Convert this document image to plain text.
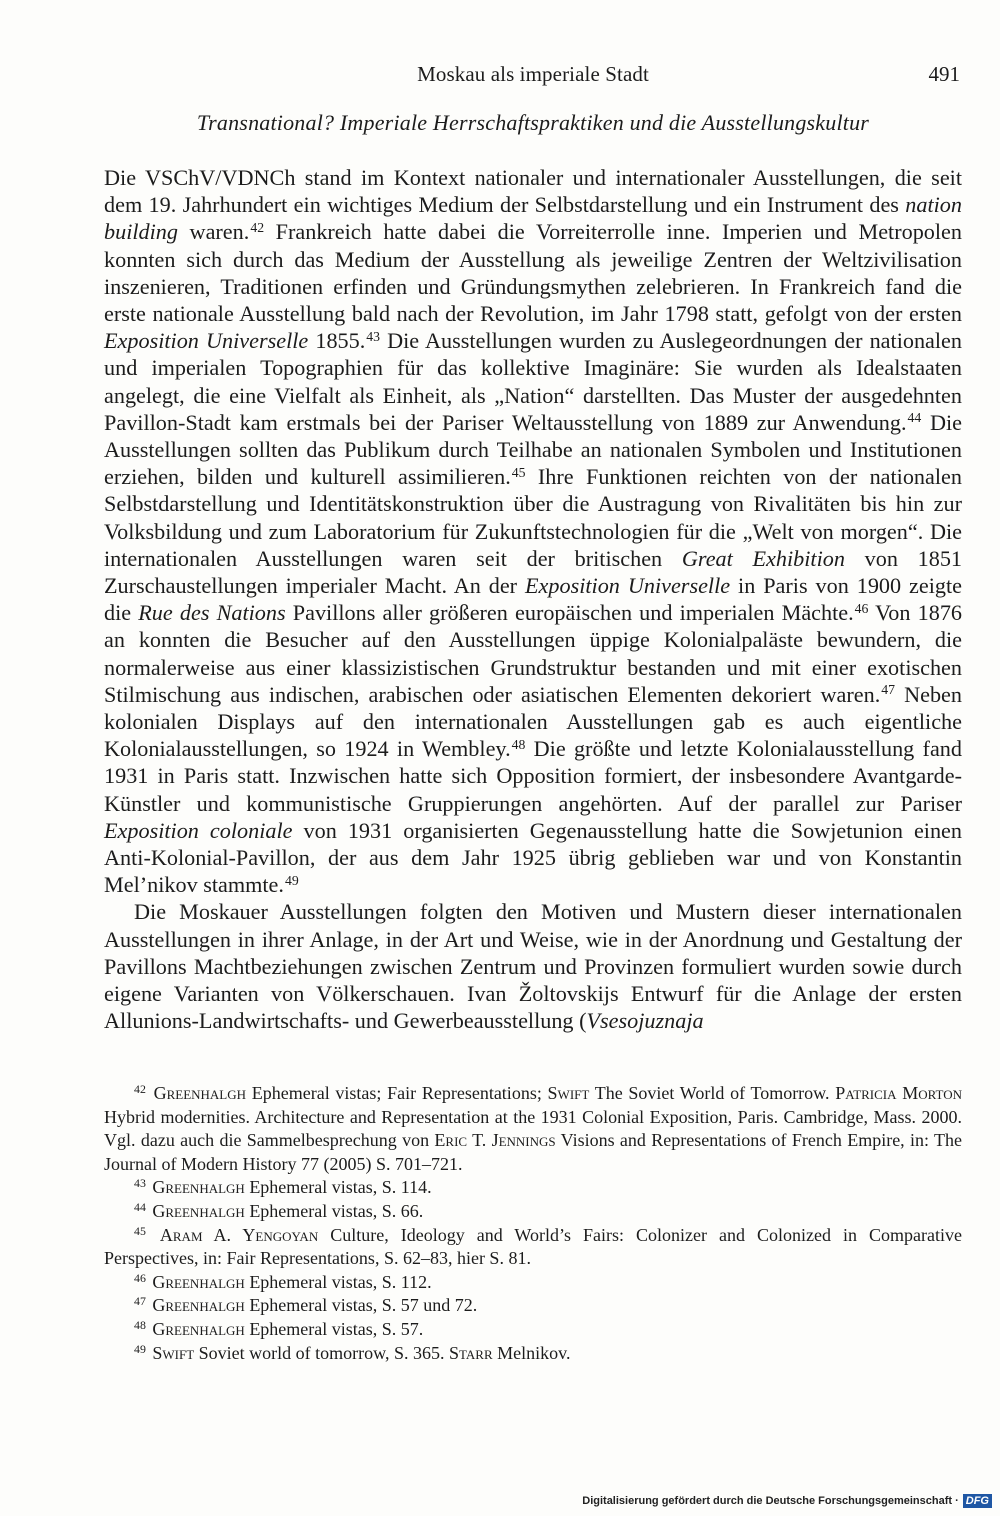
Moskau als imperiale Stadt	491
Transnational? Imperiale Herrschaftspraktiken und die Ausstellungskultur

Die VSChV/VDNCh stand im Kontext nationaler und internationaler Ausstellungen, die seit dem 19. Jahrhundert ein wichtiges Medium der Selbstdarstellung und ein Instrument des nation building waren.$^{42}$ Frankreich hatte dabei die Vorreiterrolle inne. Imperien und Metropolen konnten sich durch das Medium der Ausstellung als jeweilige Zentren der Weltzivilisation inszenieren, Traditionen erfinden und Gründungsmythen zelebrieren. In Frankreich fand die erste nationale Ausstellung bald nach der Revolution, im Jahr 1798 statt, gefolgt von der ersten Exposition Universelle 1855.43 Die Ausstellungen wurden zu Auslegeordnungen der nationalen und imperialen Topographien für das kollektive Imaginäre: Sie wurden als Idealstaaten angelegt, die eine Vielfalt als Einheit, als „Nation“ darstellten. Das Muster der ausgedehnten Pavillon-Stadt kam erstmals bei der Pariser Weltausstellung von 1889 zur Anwendung.$^{44}$ Die Ausstellungen sollten das Publikum durch Teilhabe an nationalen Symbolen und Institutionen erziehen, bilden und kulturell assimilieren.$^{45}$ Ihre Funktionen reichten von der nationalen Selbstdarstellung und Identitätskonstruktion über die Austragung von Rivalitäten bis hin zur Volksbildung und zum Laboratorium für Zukunftstechnologien für die „Welt von morgen“. Die internationalen Ausstellungen waren seit der britischen Great Exhibition von 1851 Zurschaustellungen imperialer Macht. An der Exposition Universelle in Paris von 1900 zeigte die Rue des Nations Pavillons aller größeren europäischen und imperialen Mächte.$^{46}$ Von 1876 an konnten die Besucher auf den Ausstellungen üppige Kolonialpaläste bewundern, die normalerweise aus einer klassizistischen Grundstruktur bestanden und mit einer exotischen Stilmischung aus indischen, arabischen oder asiatischen Elementen dekoriert waren.$^{47}$ Neben kolonialen Displays auf den internationalen Ausstellungen gab es auch eigentliche Kolonialausstellungen, so 1924 in Wembley.$^{48}$ Die größte und letzte Kolonialausstellung fand 1931 in Paris statt. Inzwischen hatte sich Opposition formiert, der insbesondere Avantgarde-Künstler und kommunistische Gruppierungen angehörten. Auf der parallel zur Pariser Exposition coloniale von 1931 organisierten Gegenausstellung hatte die Sowjetunion einen Anti-Kolonial-Pavillon, der aus dem Jahr 1925 übrig geblieben war und von Konstantin Mel’nikov stammte.$^{49}$

Die Moskauer Ausstellungen folgten den Motiven und Mustern dieser internationalen Ausstellungen in ihrer Anlage, in der Art und Weise, wie in der Anordnung und Gestaltung der Pavillons Machtbeziehungen zwischen Zentrum und Provinzen formuliert wurden sowie durch eigene Varianten von Völkerschauen. Ivan Žoltovskijs Entwurf für die Anlage der ersten Allunions-Landwirtschafts- und Gewerbeausstellung (Vsesojuznaja

$^{42}$ Greenhalgh Ephemeral vistas; Fair Representations; Swift The Soviet World of Tomorrow. Patricia Morton Hybrid modernities. Architecture and Representation at the 1931 Colonial Exposition, Paris. Cambridge, Mass. 2000. Vgl. dazu auch die Sammelbesprechung von Eric T. Jennings Visions and Representations of French Empire, in: The Journal of Modern History 77 (2005) S. 701–721.

$^{43}$ Greenhalgh Ephemeral vistas, S. 114.

$^{44}$ Greenhalgh Ephemeral vistas, S. 66.

$^{45}$ Aram A. Yengoyan Culture, Ideology and World’s Fairs: Colonizer and Colonized in Comparative Perspectives, in: Fair Representations, S. 62–83, hier S. 81.

$^{46}$ Greenhalgh Ephemeral vistas, S. 112.

$^{47}$ Greenhalgh Ephemeral vistas, S. 57 und 72.

$^{48}$ Greenhalgh Ephemeral vistas, S. 57.

$^{49}$ Swift Soviet world of tomorrow, S. 365. Starr Melnikov.

Digitalisierung gefördert durch die Deutsche Forschungsgemeinschaft · DFG
